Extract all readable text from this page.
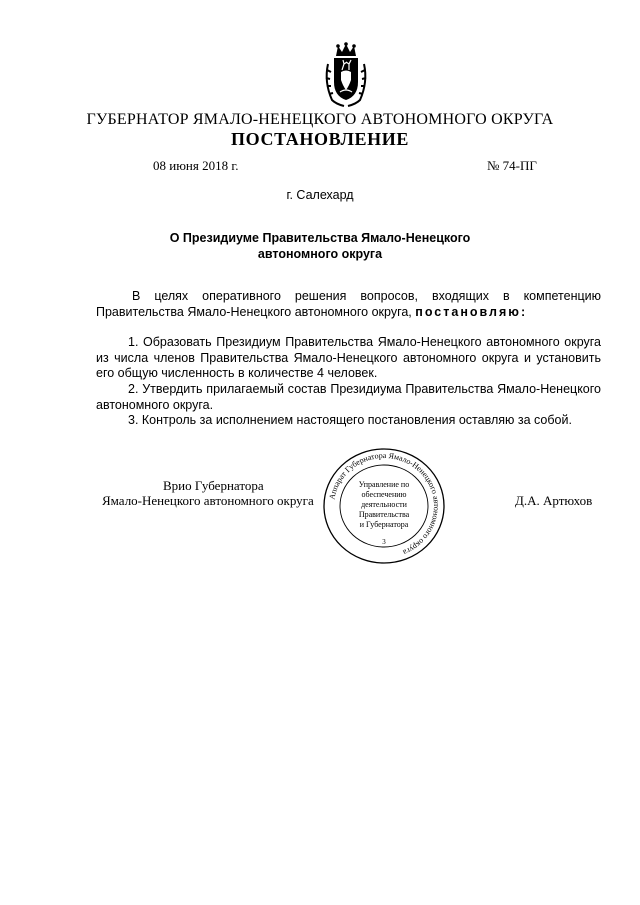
ГУБЕРНАТОР ЯМАЛО-НЕНЕЦКОГО АВТОНОМНОГО ОКРУГА
ПОСТАНОВЛЕНИЕ
08 июня 2018 г.	№ 74-ПГ
г. Салехард
О Президиуме Правительства Ямало-Ненецкого
автономного округа

В целях оперативного решения вопросов, входящих в компетенцию Правительства Ямало-Ненецкого автономного округа, постановляю:

1. Образовать Президиум Правительства Ямало-Ненецкого автономного округа из числа членов Правительства Ямало-Ненецкого автономного округа и установить его общую численность в количестве 4 человек.

2. Утвердить прилагаемый состав Президиума Правительства Ямало-Ненецкого автономного округа.

3. Контроль за исполнением настоящего постановления оставляю за собой.

Врио Губернатора
Ямало-Ненецкого автономного округа	Д.А. Артюхов
Аппарат Губернатора Ямало-Ненецкого автономного округа
Управление по
обеспечению
деятельности
Правительства
и Губернатора
3
